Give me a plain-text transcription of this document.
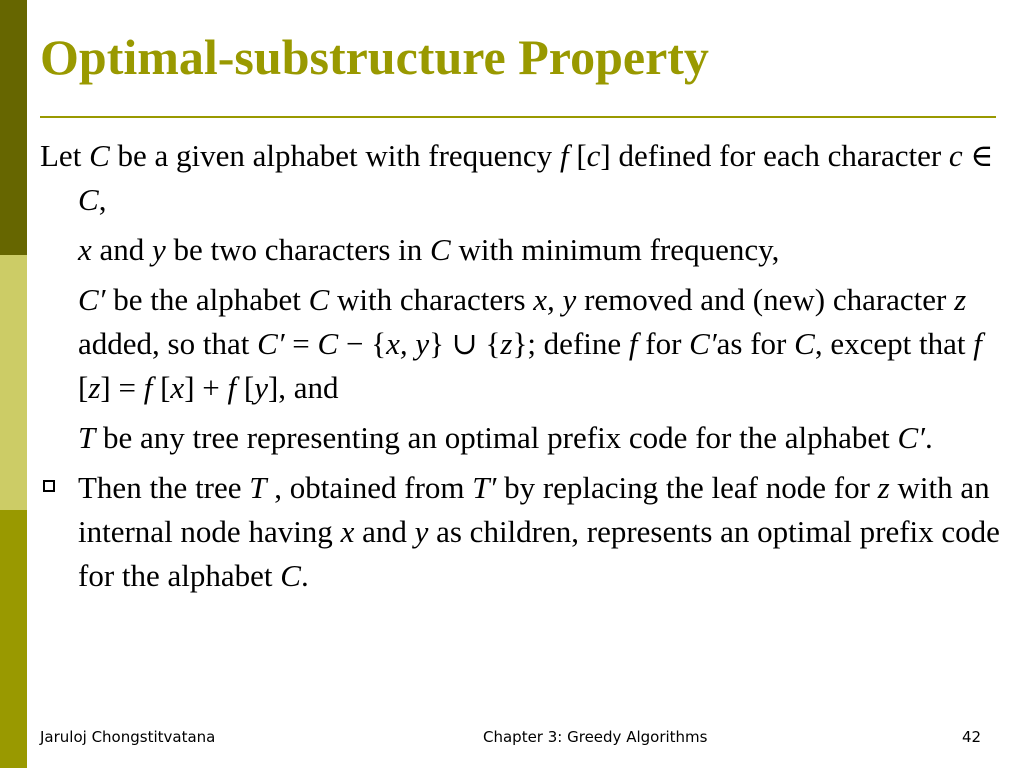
Optimal-substructure Property

Let C be a given alphabet with frequency f [c] defined for each character c ∈ C,

x and y be two characters in C with minimum frequency,

C′ be the alphabet C with characters x, y removed and (new) character z added, so that C′ = C − {x, y} ∪ {z}; define f for C′as for C, except that f [z] = f [x] + f [y], and

T be any tree representing an optimal prefix code for the alphabet C′.

Then the tree T , obtained from T′ by replacing the leaf node for z with an internal node having x and y as children, represents an optimal prefix code for the alphabet C.

Jaruloj Chongstitvatana	Chapter 3: Greedy Algorithms	42
